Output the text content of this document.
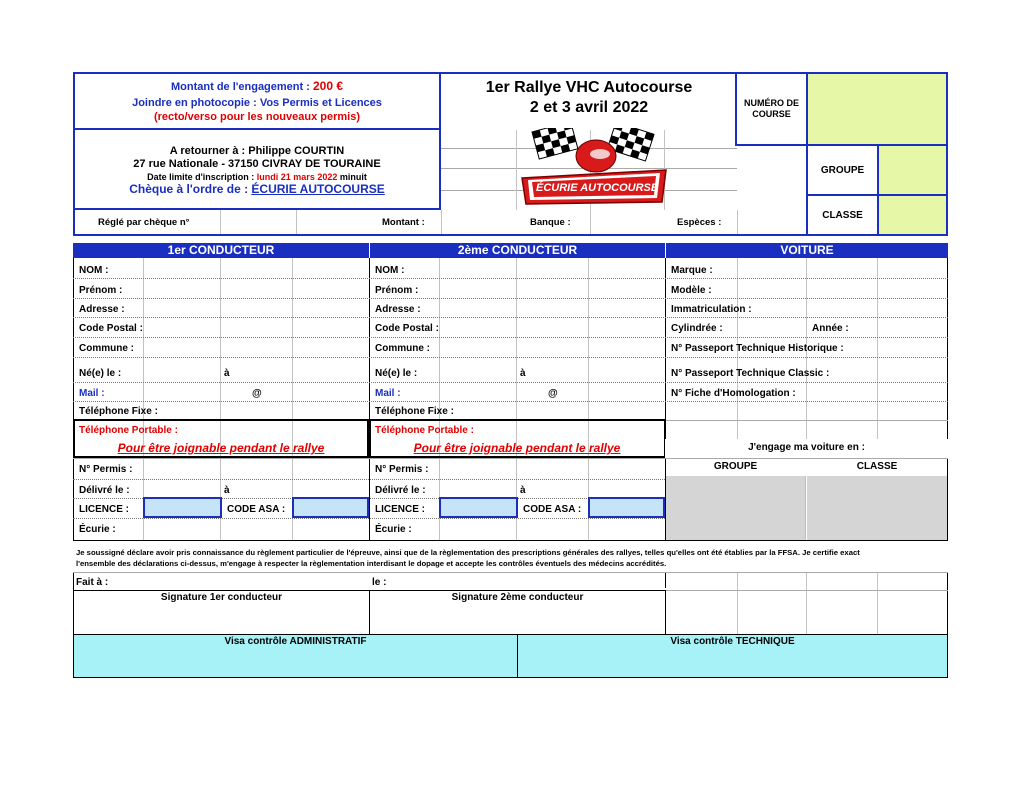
Montant de l'engagement : 200 €
Joindre en photocopie : Vos Permis et Licences
(recto/verso pour les nouveaux permis)
A retourner à : Philippe COURTIN
27 rue Nationale - 37150 CIVRAY DE TOURAINE
Date limite d'inscription : lundi 21 mars 2022 minuit
Chèque à l'ordre de : ÉCURIE AUTOCOURSE
1er Rallye VHC Autocourse
2 et 3 avril 2022
ÉCURIE AUTOCOURSE
NUMÉRO DE
COURSE
GROUPE
CLASSE
Réglé par chèque n°	Montant :	Banque :	Espèces :
1er CONDUCTEUR	2ème CONDUCTEUR	VOITURE
NOM :
Prénom :
Adresse :
Code Postal :
Commune :
Né(e) le :	à
Mail :	@
Téléphone Fixe :
Téléphone Portable :
Pour être joignable pendant le rallye
N° Permis :
Délivré le :	à
LICENCE :	CODE ASA :
Écurie :
NOM :
Prénom :
Adresse :
Code Postal :
Commune :
Né(e) le :	à
Mail :	@
Téléphone Fixe :
Téléphone Portable :
Pour être joignable pendant le rallye
N° Permis :
Délivré le :	à
LICENCE :	CODE ASA :
Écurie :
Marque :
Modèle :
Immatriculation :
Cylindrée :	Année :
N° Passeport Technique Historique :
N° Passeport Technique Classic :
N° Fiche d'Homologation :
J'engage ma voiture en :
GROUPE	CLASSE
Je soussigné déclare avoir pris connaissance du règlement particulier de l'épreuve, ainsi que de la règlementation des prescriptions générales des rallyes, telles qu'elles ont été établies par la FFSA. Je certifie exact
l'ensemble des déclarations ci-dessus, m'engage à respecter la règlementation interdisant le dopage et accepte les contrôles éventuels des médecins accrédités.
Fait à :	le :
Signature 1er conducteur	Signature 2ème conducteur
Visa contrôle ADMINISTRATIF	Visa contrôle TECHNIQUE
